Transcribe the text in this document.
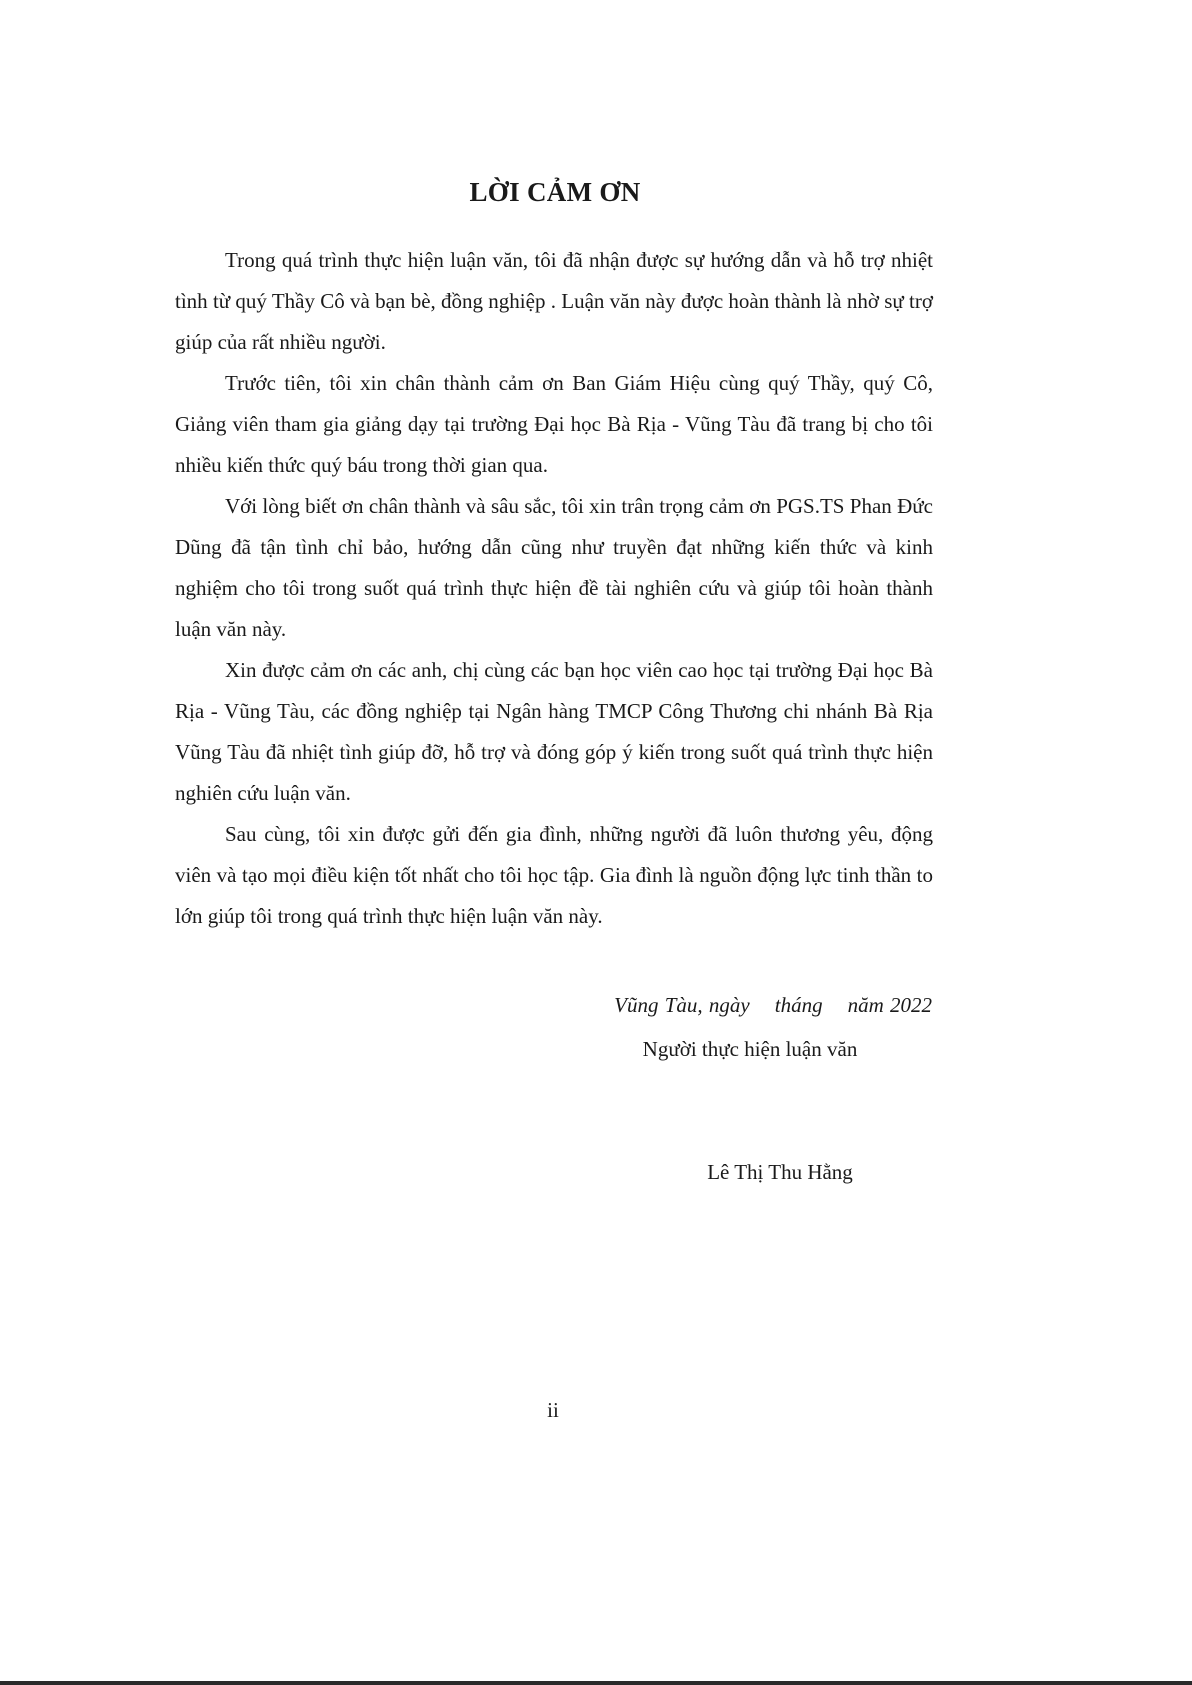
LỜI CẢM ƠN

Trong quá trình thực hiện luận văn, tôi đã nhận được sự hướng dẫn và hỗ trợ nhiệt tình từ quý Thầy Cô và bạn bè, đồng nghiệp . Luận văn này được hoàn thành là nhờ sự trợ giúp của rất nhiều người.

Trước tiên, tôi xin chân thành cảm ơn Ban Giám Hiệu cùng quý Thầy, quý Cô, Giảng viên tham gia giảng dạy tại trường Đại học Bà Rịa - Vũng Tàu đã trang bị cho tôi nhiều kiến thức quý báu trong thời gian qua.

Với lòng biết ơn chân thành và sâu sắc, tôi xin trân trọng cảm ơn PGS.TS Phan Đức Dũng đã tận tình chỉ bảo, hướng dẫn cũng như truyền đạt những kiến thức và kinh nghiệm cho tôi trong suốt quá trình thực hiện đề tài nghiên cứu và giúp tôi hoàn thành luận văn này.

Xin được cảm ơn các anh, chị cùng các bạn học viên cao học tại trường Đại học Bà Rịa - Vũng Tàu, các đồng nghiệp tại Ngân hàng TMCP Công Thương chi nhánh Bà Rịa Vũng Tàu đã nhiệt tình giúp đỡ, hỗ trợ và đóng góp ý kiến trong suốt quá trình thực hiện nghiên cứu luận văn.

Sau cùng, tôi xin được gửi đến gia đình, những người đã luôn thương yêu, động viên và tạo mọi điều kiện tốt nhất cho tôi học tập. Gia đình là nguồn động lực tinh thần to lớn giúp tôi trong quá trình thực hiện luận văn này.

Vũng Tàu, ngày    tháng    năm 2022

Người thực hiện luận văn

Lê Thị Thu Hằng

ii
